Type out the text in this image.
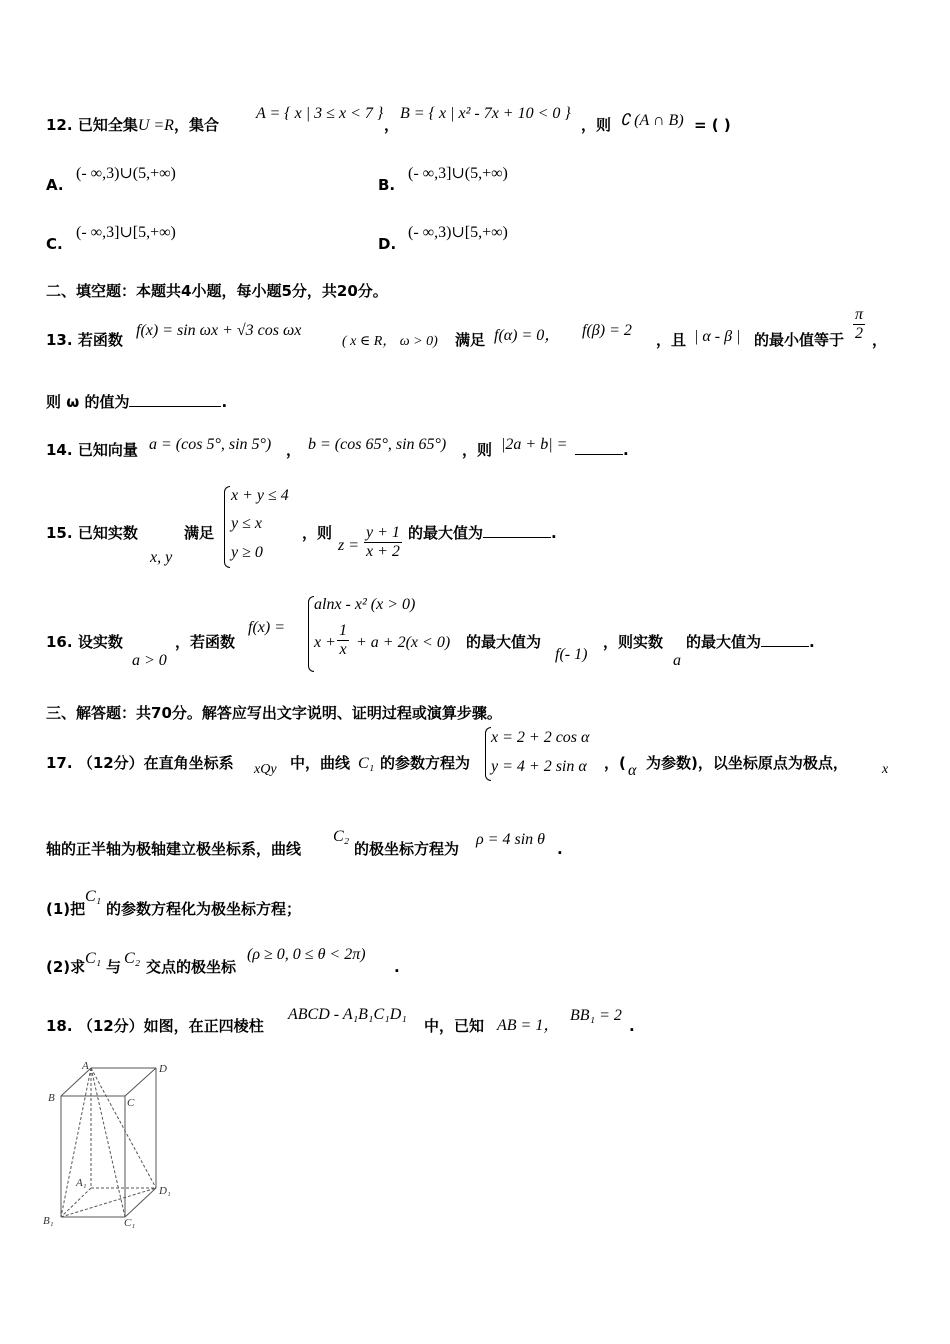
12. 已知全集U =R，集合
A = { x | 3 ≤ x < 7 }
，
B = { x | x² - 7x + 10 < 0 }
，则 ∁ (A ∩ B) = ( )
A.
(- ∞,3)∪(5,+∞)
B.
(- ∞,3]∪(5,+∞)
C.
(- ∞,3]∪[5,+∞)
D.
(- ∞,3)∪[5,+∞)
二、填空题：本题共4小题，每小题5分，共20分。
13. 若函数
f(x) = sin ωx + √3 cos ωx
( x ∈ R， ω > 0) 满足 f(α) = 0， f(β) = 2
，且 | α - β | 的最小值等于 $\frac{\pi}{2}$ ，
则 ω 的值为	.
14. 已知向量 a = (cos 5°, sin 5°) ， b = (cos 65°, sin 65°) ，则 |2a + b| =	.
15. 已知实数
x, y
满足
x + y ≤ 4
y ≤ x
y ≥ 0
，则
$z = \frac{y + 1}{x + 2}$ 的最大值为	.
16. 设实数
a > 0
，若函数
f(x) =
alnx - x² (x > 0)
$x + \frac{1}{x} + a + 2(x < 0)$ 的最大值为
f(- 1)
，则实数
a
的最大值为	.
三、解答题：共70分。解答应写出文字说明、证明过程或演算步骤。
17. （12分）在直角坐标系 xQy 中，曲线 C₁ 的参数方程为
x = 2 + 2 cos α
y = 4 + 2 sin α ，( α 为参数)，以坐标原点为极点， x
轴的正半轴为极轴建立极坐标系，曲线
C₂
的极坐标方程为
ρ = 4 sin θ
.
(1)把
C₁
的参数方程化为极坐标方程；
(2)求 C₁ 与 C₂ 交点的极坐标
(ρ ≥ 0, 0 ≤ θ < 2π)
.
18. （12分）如图，在正四棱柱
ABCD - A₁B₁C₁D₁
中，已知 AB = 1，
BB₁ = 2
.
A	D
B	C
A₁
D₁
B₁	C₁
